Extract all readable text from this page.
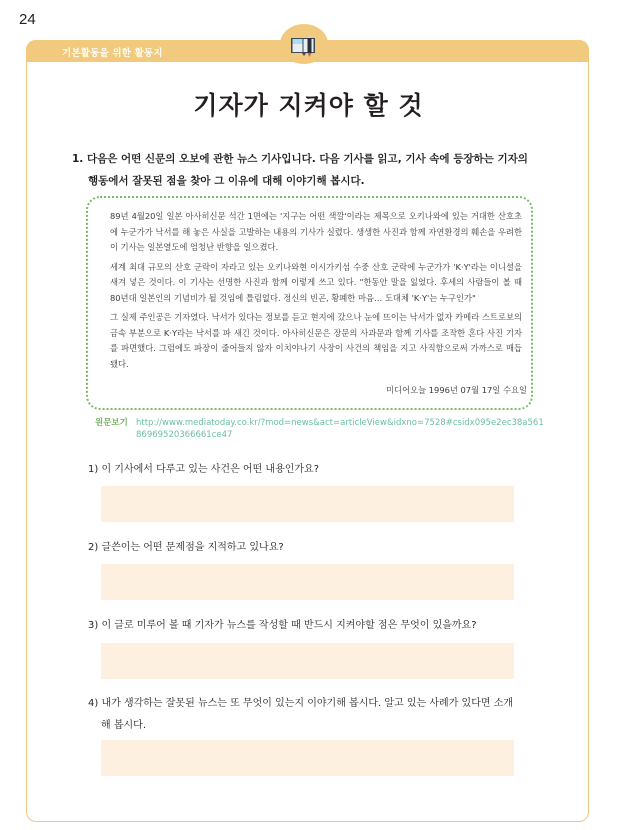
24
기본활동을 위한 활동지
기자가 지켜야 할 것
1. 다음은 어떤 신문의 오보에 관한 뉴스 기사입니다. 다음 기사를 읽고, 기사 속에 등장하는 기자의
행동에서 잘못된 점을 찾아 그 이유에 대해 이야기해 봅시다.

89년 4월20일 일본 아사히신문 석간 1면에는 '지구는 어떤 색깔'이라는 제목으로 오키나와에 있는 거대한 산호초에 누군가가 낙서를 해 놓은 사실을 고발하는 내용의 기사가 실렸다. 생생한 사진과 함께 자연환경의 훼손을 우려한 이 기사는 일본열도에 엄청난 반향을 일으켰다.

세계 최대 규모의 산호 군락이 자라고 있는 오키나와현 이시가키섬 수중 산호 군락에 누군가가 'K·Y'라는 이니셜을 새겨 넣은 것이다. 이 기사는 선명한 사진과 함께 이렇게 쓰고 있다. "한동안 말을 잃었다. 후세의 사람들이 볼 때 80년대 일본인의 기념비가 될 것임에 틀림없다. 정신의 빈곤, 황폐한 마음… 도대체 'K·Y'는 누구인가"

그 실제 주인공은 기자였다. 낙서가 있다는 정보를 듣고 현지에 갔으나 눈에 뜨이는 낙서가 없자 카메라 스트로보의 금속 부분으로 K·Y라는 낙서를 파 새긴 것이다. 아사히신문은 장문의 사과문과 함께 기사를 조작한 혼다 사진 기자를 파면했다. 그럼에도 파장이 줄어들지 않자 이치야나기 사장이 사건의 책임을 지고 사직함으로써 가까스로 매듭 됐다.

미디어오늘 1996년 07월 17일 수요일
원문보기 http://www.mediatoday.co.kr/?mod=news&act=articleView&idxno=7528#csidx095e2ec38a56186969520366661ce47
1) 이 기사에서 다루고 있는 사건은 어떤 내용인가요?
2) 글쓴이는 어떤 문제점을 지적하고 있나요?
3) 이 글로 미루어 볼 때 기자가 뉴스를 작성할 때 반드시 지켜야할 점은 무엇이 있을까요?
4) 내가 생각하는 잘못된 뉴스는 또 무엇이 있는지 이야기해 봅시다. 알고 있는 사례가 있다면 소개
해 봅시다.
